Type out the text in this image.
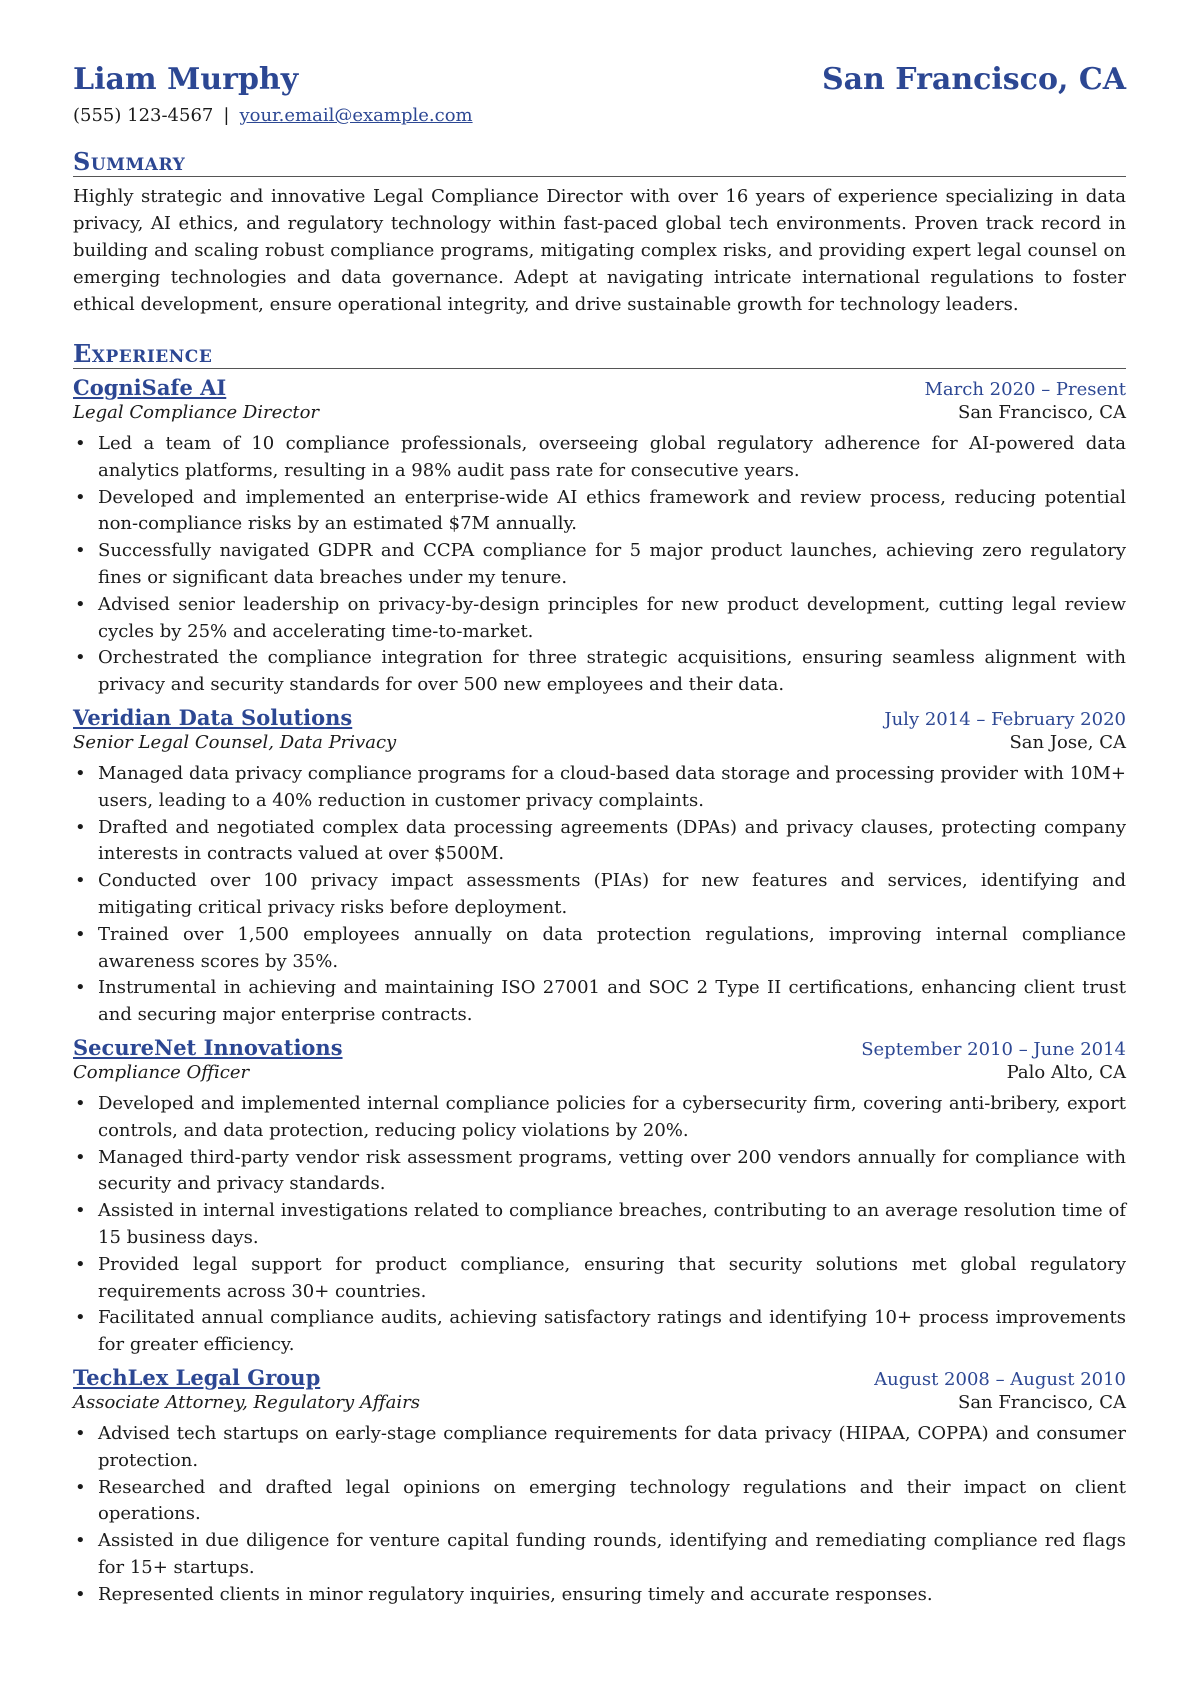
Liam Murphy	San Francisco, CA
(555) 123-4567 | your.email@example.com
Summary
Highly strategic and innovative Legal Compliance Director with over 16 years of experience specializing in data privacy, AI ethics, and regulatory technology within fast-paced global tech environments. Proven track record in building and scaling robust compliance programs, mitigating complex risks, and providing expert legal counsel on emerging technologies and data governance. Adept at navigating intricate international regulations to foster ethical development, ensure operational integrity, and drive sustainable growth for technology leaders.
Experience
CogniSafe AI	March 2020 – Present
Legal Compliance Director	San Francisco, CA
• Led a team of 10 compliance professionals, overseeing global regulatory adherence for AI-powered data analytics platforms, resulting in a 98% audit pass rate for consecutive years.
• Developed and implemented an enterprise-wide AI ethics framework and review process, reducing potential non-compliance risks by an estimated $7M annually.
• Successfully navigated GDPR and CCPA compliance for 5 major product launches, achieving zero regulatory fines or significant data breaches under my tenure.
• Advised senior leadership on privacy-by-design principles for new product development, cutting legal review cycles by 25% and accelerating time-to-market.
• Orchestrated the compliance integration for three strategic acquisitions, ensuring seamless alignment with privacy and security standards for over 500 new employees and their data.
Veridian Data Solutions	July 2014 – February 2020
Senior Legal Counsel, Data Privacy	San Jose, CA
• Managed data privacy compliance programs for a cloud-based data storage and processing provider with 10M+ users, leading to a 40% reduction in customer privacy complaints.
• Drafted and negotiated complex data processing agreements (DPAs) and privacy clauses, protecting company interests in contracts valued at over $500M.
• Conducted over 100 privacy impact assessments (PIAs) for new features and services, identifying and mitigating critical privacy risks before deployment.
• Trained over 1,500 employees annually on data protection regulations, improving internal compliance awareness scores by 35%.
• Instrumental in achieving and maintaining ISO 27001 and SOC 2 Type II certifications, enhancing client trust and securing major enterprise contracts.
SecureNet Innovations	September 2010 – June 2014
Compliance Officer	Palo Alto, CA
• Developed and implemented internal compliance policies for a cybersecurity firm, covering anti-bribery, export controls, and data protection, reducing policy violations by 20%.
• Managed third-party vendor risk assessment programs, vetting over 200 vendors annually for compliance with security and privacy standards.
• Assisted in internal investigations related to compliance breaches, contributing to an average resolution time of 15 business days.
• Provided legal support for product compliance, ensuring that security solutions met global regulatory requirements across 30+ countries.
• Facilitated annual compliance audits, achieving satisfactory ratings and identifying 10+ process improvements for greater efficiency.
TechLex Legal Group	August 2008 – August 2010
Associate Attorney, Regulatory Affairs	San Francisco, CA
• Advised tech startups on early-stage compliance requirements for data privacy (HIPAA, COPPA) and consumer protection.
• Researched and drafted legal opinions on emerging technology regulations and their impact on client operations.
• Assisted in due diligence for venture capital funding rounds, identifying and remediating compliance red flags for 15+ startups.
• Represented clients in minor regulatory inquiries, ensuring timely and accurate responses.
